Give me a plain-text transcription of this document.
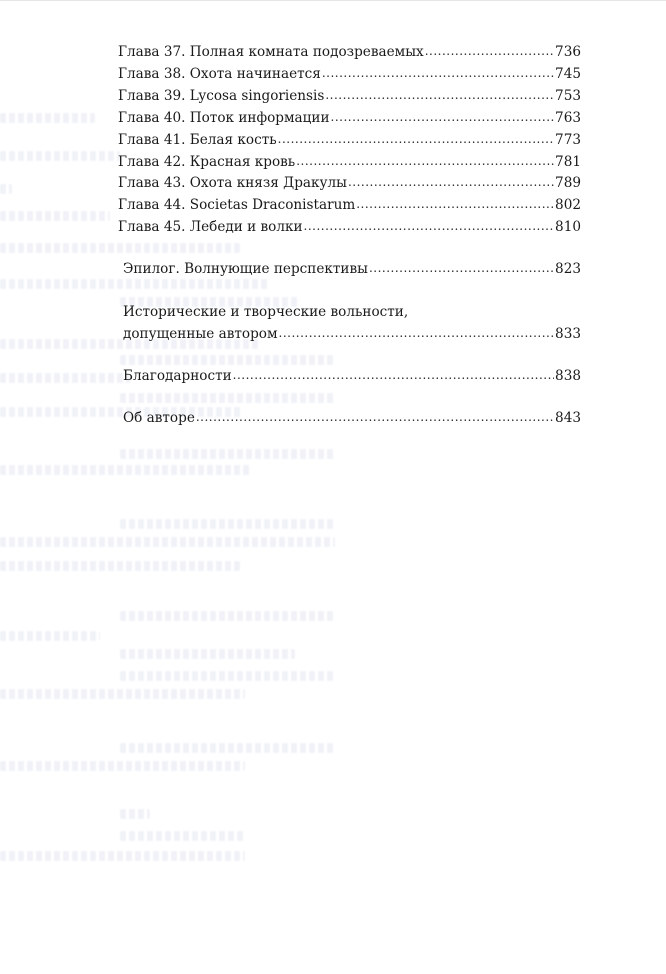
Глава 37. Полная комната подозреваемых .....	736
Глава 38. Охота начинается .....	745
Глава 39. Lycosa singoriensis .....	753
Глава 40. Поток информации .....	763
Глава 41. Белая кость .....	773
Глава 42. Красная кровь .....	781
Глава 43. Охота князя Дракулы .....	789
Глава 44. Societas Draconistarum .....	802
Глава 45. Лебеди и волки .....	810
Эпилог. Волнующие перспективы .....	823
Исторические и творческие вольности,
допущенные автором .....	833
Благодарности .....	838
Об авторе .....	843
